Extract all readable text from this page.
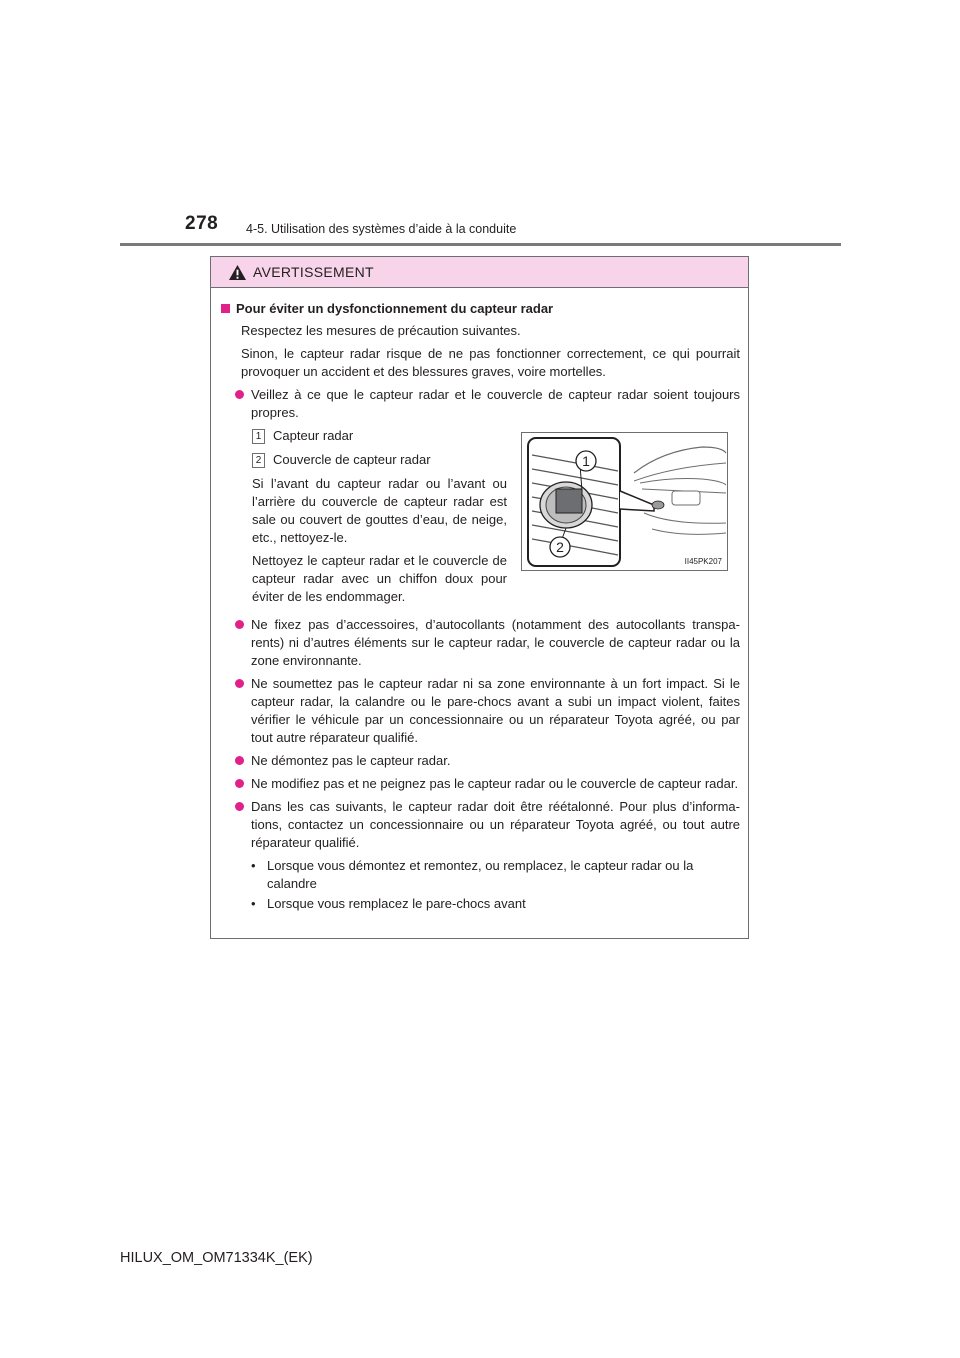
278 4-5. Utilisation des systèmes d’aide à la conduite
AVERTISSEMENT
Pour éviter un dysfonctionnement du capteur radar
Respectez les mesures de précaution suivantes.
Sinon, le capteur radar risque de ne pas fonctionner correctement, ce qui pourrait provoquer un accident et des blessures graves, voire mortelles.
Veillez à ce que le capteur radar et le couvercle de capteur radar soient toujours propres.
1 Capteur radar
2 Couvercle de capteur radar
Si l’avant du capteur radar ou l’avant ou l’arrière du couvercle de capteur radar est sale ou couvert de gouttes d’eau, de neige, etc., nettoyez-le.
Nettoyez le capteur radar et le couvercle de capteur radar avec un chiffon doux pour éviter de les endommager.
1
2
II45PK207
Ne fixez pas d’accessoires, d’autocollants (notamment des autocollants transparents) ni d’autres éléments sur le capteur radar, le couvercle de capteur radar ou la zone environnante.
Ne soumettez pas le capteur radar ni sa zone environnante à un fort impact. Si le capteur radar, la calandre ou le pare-chocs avant a subi un impact violent, faites vérifier le véhicule par un concessionnaire ou un réparateur Toyota agréé, ou par tout autre réparateur qualifié.
Ne démontez pas le capteur radar.
Ne modifiez pas et ne peignez pas le capteur radar ou le couvercle de capteur radar.
Dans les cas suivants, le capteur radar doit être réétalonné. Pour plus d’informations, contactez un concessionnaire ou un réparateur Toyota agréé, ou tout autre réparateur qualifié.
• Lorsque vous démontez et remontez, ou remplacez, le capteur radar ou la calandre
• Lorsque vous remplacez le pare-chocs avant
HILUX_OM_OM71334K_(EK)
